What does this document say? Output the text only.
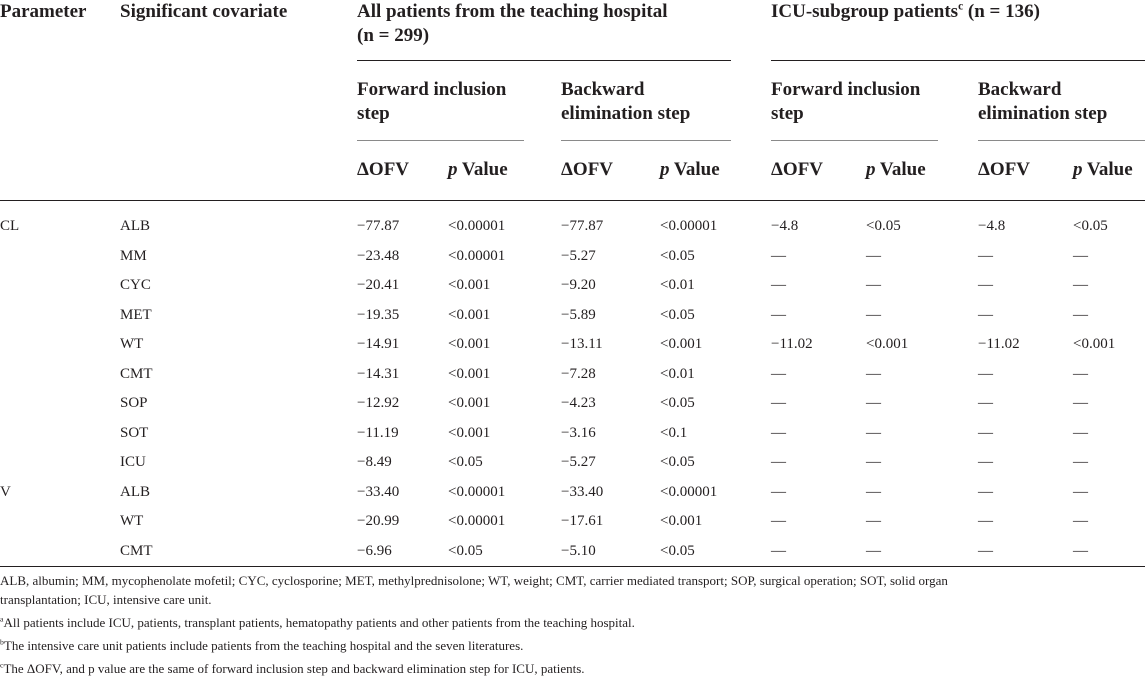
Parameter Significant covariate	All patients from the teaching hospital
(n = 299)
ICU-subgroup patients$^c$ (n = 136)
Forward inclusion
step
Backward
elimination step
Forward inclusion
step
Backward
elimination step
ΔOFV p Value	ΔOFV p Value	ΔOFV p Value	ΔOFV p Value
CL	ALB	−77.87	<0.00001	−77.87	<0.00001	−4.8	<0.05	−4.8	<0.05
MM	−23.48	<0.00001	−5.27	<0.05	—	—	—	—
CYC	−20.41	<0.001	−9.20	<0.01	—	—	—	—
MET	−19.35	<0.001	−5.89	<0.05	—	—	—	—
WT	−14.91	<0.001	−13.11	<0.001	−11.02	<0.001	−11.02	<0.001
CMT	−14.31	<0.001	−7.28	<0.01	—	—	—	—
SOP	−12.92	<0.001	−4.23	<0.05	—	—	—	—
SOT	−11.19	<0.001	−3.16	<0.1	—	—	—	—
ICU	−8.49	<0.05	−5.27	<0.05	—	—	—	—
V	ALB	−33.40	<0.00001	−33.40	<0.00001	—	—	—	—
WT	−20.99	<0.00001	−17.61	<0.001	—	—	—	—
CMT	−6.96	<0.05	−5.10	<0.05	—	—	—	—
ALB, albumin; MM, mycophenolate mofetil; CYC, cyclosporine; MET, methylprednisolone; WT, weight; CMT, carrier mediated transport; SOP, surgical operation; SOT, solid organ
transplantation; ICU, intensive care unit.
$^a$All patients include ICU, patients, transplant patients, hematopathy patients and other patients from the teaching hospital.
$^b$The intensive care unit patients include patients from the teaching hospital and the seven literatures.
$^c$The ΔOFV, and p value are the same of forward inclusion step and backward elimination step for ICU, patients.
